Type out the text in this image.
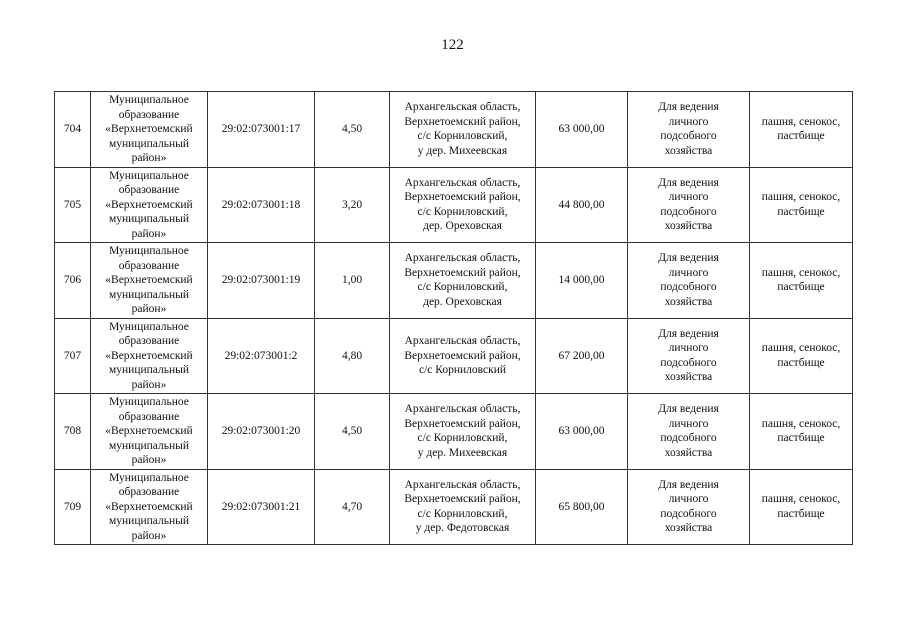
122
704	Муниципальное
образование
«Верхнетоемский
муниципальный
район»	29:02:073001:17	4,50	Архангельская область,
Верхнетоемский район,
с/с Корниловский,
у дер. Михеевская	63 000,00	Для ведения
личного
подсобного
хозяйства	пашня, сенокос,
пастбище
705	Муниципальное
образование
«Верхнетоемский
муниципальный
район»	29:02:073001:18	3,20	Архангельская область,
Верхнетоемский район,
с/с Корниловский,
дер. Ореховская	44 800,00	Для ведения
личного
подсобного
хозяйства	пашня, сенокос,
пастбище
706	Муниципальное
образование
«Верхнетоемский
муниципальный
район»	29:02:073001:19	1,00	Архангельская область,
Верхнетоемский район,
с/с Корниловский,
дер. Ореховская	14 000,00	Для ведения
личного
подсобного
хозяйства	пашня, сенокос,
пастбище
707	Муниципальное
образование
«Верхнетоемский
муниципальный
район»	29:02:073001:2	4,80	Архангельская область,
Верхнетоемский район,
с/с Корниловский	67 200,00	Для ведения
личного
подсобного
хозяйства	пашня, сенокос,
пастбище
708	Муниципальное
образование
«Верхнетоемский
муниципальный
район»	29:02:073001:20	4,50	Архангельская область,
Верхнетоемский район,
с/с Корниловский,
у дер. Михеевская	63 000,00	Для ведения
личного
подсобного
хозяйства	пашня, сенокос,
пастбище
709	Муниципальное
образование
«Верхнетоемский
муниципальный
район»	29:02:073001:21	4,70	Архангельская область,
Верхнетоемский район,
с/с Корниловский,
у дер. Федотовская	65 800,00	Для ведения
личного
подсобного
хозяйства	пашня, сенокос,
пастбище
